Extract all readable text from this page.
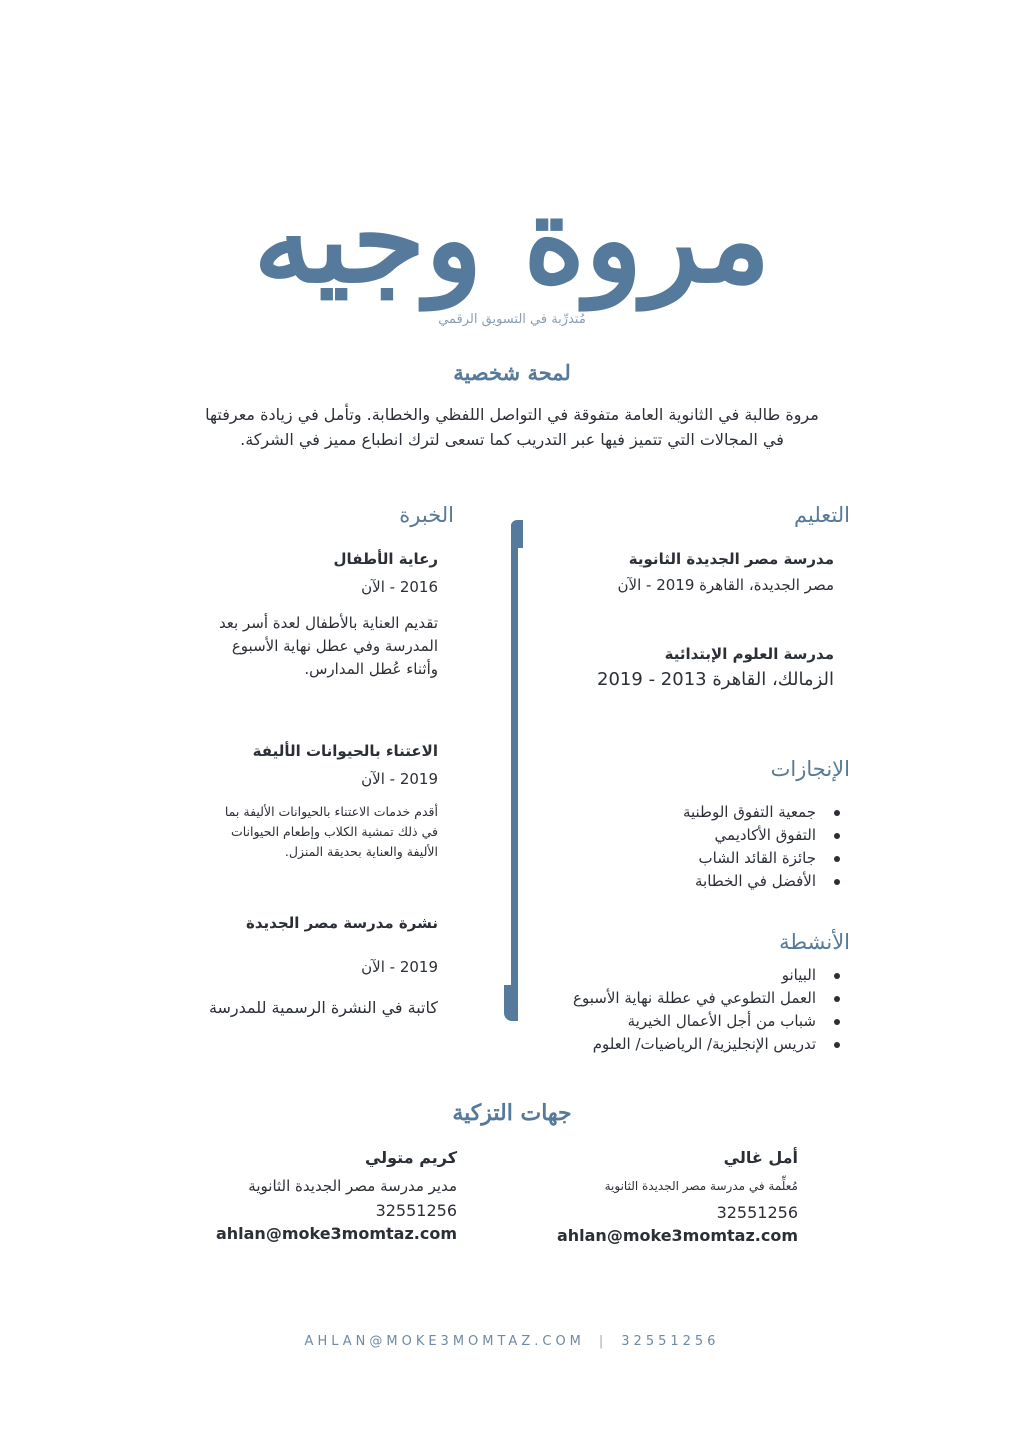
مروة وجيه
مُتدرِّبة في التسويق الرقمي
لمحة شخصية
مروة طالبة في الثانوية العامة متفوقة في التواصل اللفظي والخطابة. وتأمل في زيادة معرفتها
في المجالات التي تتميز فيها عبر التدريب كما تسعى لترك انطباع مميز في الشركة.
التعليم
مدرسة مصر الجديدة الثانوية
مصر الجديدة، القاهرة 2019 - الآن
مدرسة العلوم الإبتدائية
الزمالك، القاهرة 2013 - 2019
الإنجازات
جمعية التفوق الوطنية
التفوق الأكاديمي
جائزة القائد الشاب
الأفضل في الخطابة
الأنشطة
البيانو
العمل التطوعي في عطلة نهاية الأسبوع
شباب من أجل الأعمال الخيرية
تدريس الإنجليزية/ الرياضيات/ العلوم
الخبرة
رعاية الأطفال
2016 - الآن
تقديم العناية بالأطفال لعدة أسر بعد
المدرسة وفي عطل نهاية الأسبوع
وأثناء عُطل المدارس.
الاعتناء بالحيوانات الأليفة
2019 - الآن
أقدم خدمات الاعتناء بالحيوانات الأليفة بما
في ذلك تمشية الكلاب وإطعام الحيوانات
الأليفة والعناية بحديقة المنزل.
نشرة مدرسة مصر الجديدة
2019 - الآن
كاتبة في النشرة الرسمية للمدرسة
جهات التزكية
أمل غالي
مُعلِّمة في مدرسة مصر الجديدة الثانوية
32551256
ahlan@moke3momtaz.com
كريم متولي
مدير مدرسة مصر الجديدة الثانوية
32551256
ahlan@moke3momtaz.com
AHLAN@MOKE3MOMTAZ.COM | 32551256
